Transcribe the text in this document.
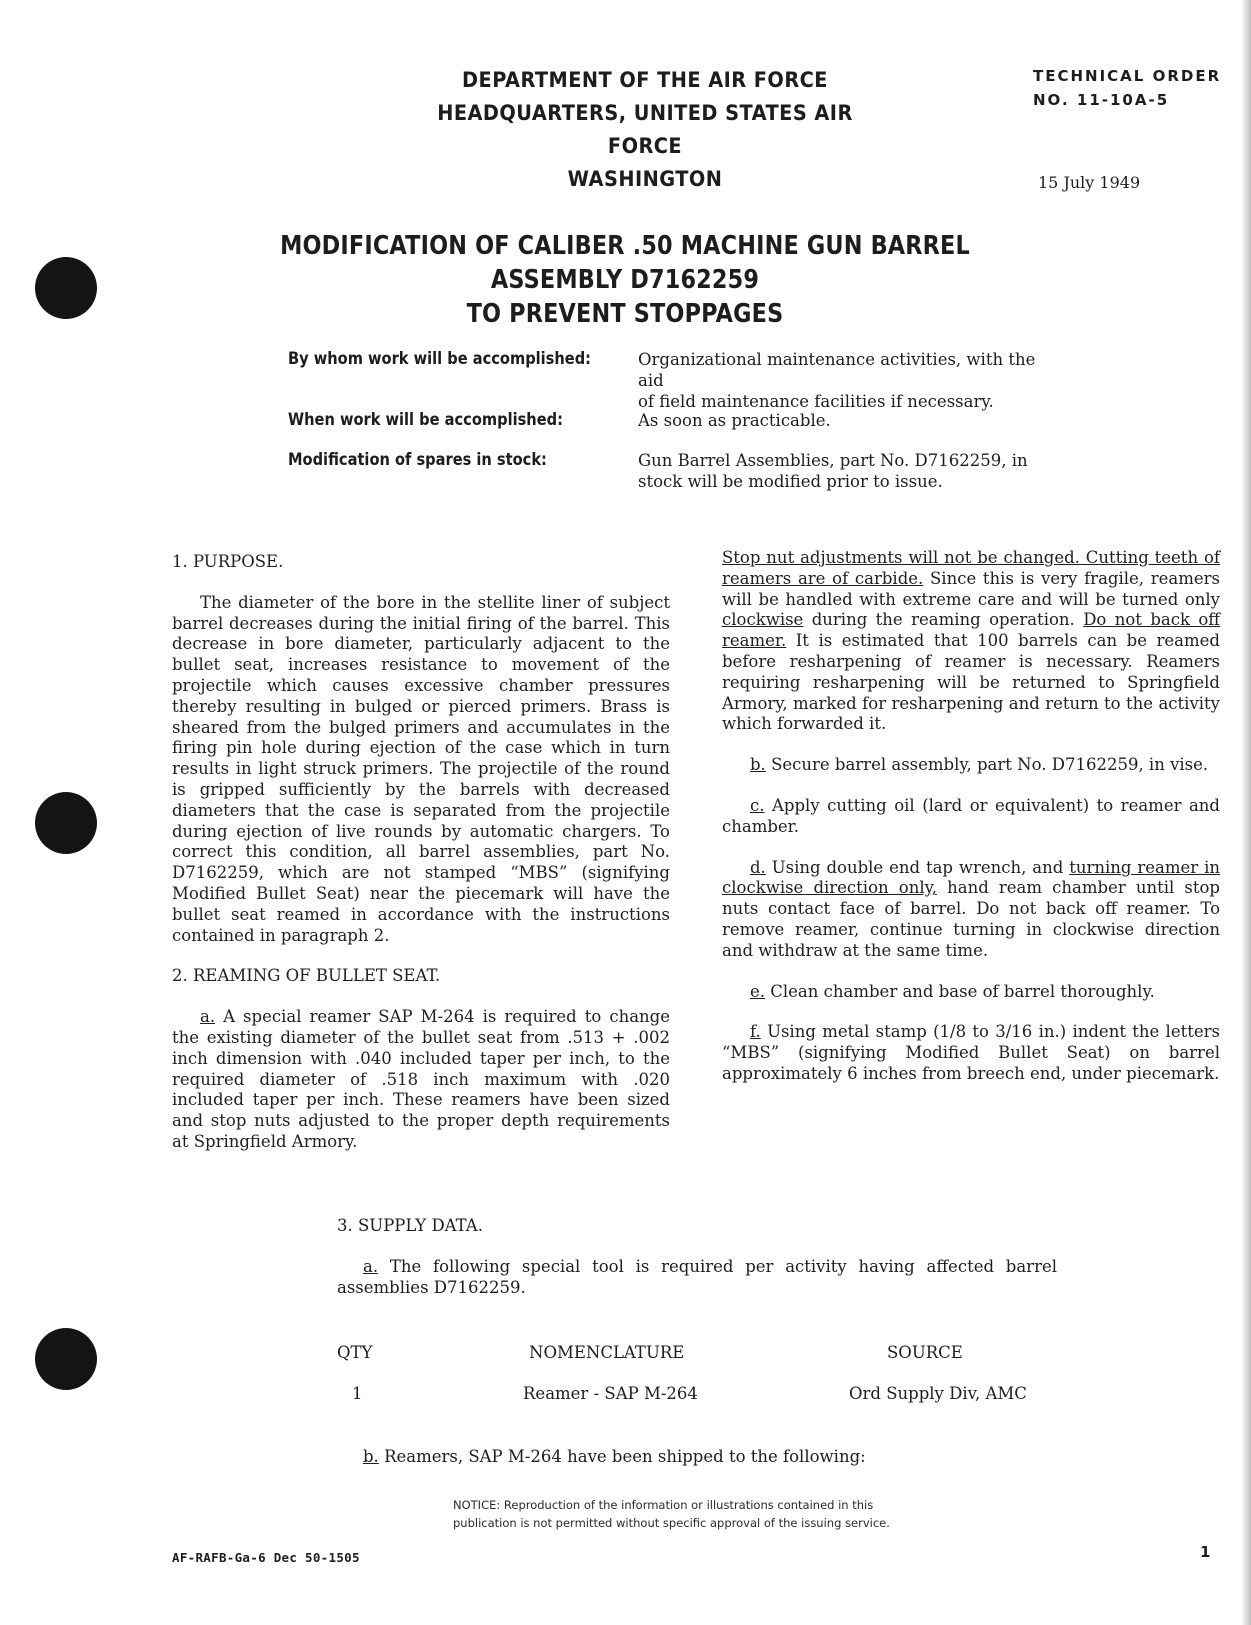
DEPARTMENT OF THE AIR FORCE
HEADQUARTERS, UNITED STATES AIR FORCE
WASHINGTON
TECHNICAL ORDER
NO. 11-10A-5
15 July 1949
MODIFICATION OF CALIBER .50 MACHINE GUN BARREL ASSEMBLY D7162259
TO PREVENT STOPPAGES
By whom work will be accomplished:	Organizational maintenance activities, with the aid
of field maintenance facilities if necessary.
When work will be accomplished:	As soon as practicable.
Modification of spares in stock:	Gun Barrel Assemblies, part No. D7162259, in
stock will be modified prior to issue.

1. PURPOSE.

The diameter of the bore in the stellite liner of subject barrel decreases during the initial firing of the barrel. This decrease in bore diameter, particularly adjacent to the bullet seat, increases resistance to movement of the projectile which causes excessive chamber pressures thereby resulting in bulged or pierced primers. Brass is sheared from the bulged primers and accumulates in the firing pin hole during ejection of the case which in turn results in light struck primers. The projectile of the round is gripped sufficiently by the barrels with decreased diameters that the case is separated from the projectile during ejection of live rounds by automatic chargers. To correct this condition, all barrel assemblies, part No. D7162259, which are not stamped “MBS” (signifying Modified Bullet Seat) near the piecemark will have the bullet seat reamed in accordance with the instructions contained in paragraph 2.

2. REAMING OF BULLET SEAT.

a. A special reamer SAP M-264 is required to change the existing diameter of the bullet seat from .513 + .002 inch dimension with .040 included taper per inch, to the required diameter of .518 inch maximum with .020 included taper per inch. These reamers have been sized and stop nuts adjusted to the proper depth requirements at Springfield Armory.

Stop nut adjustments will not be changed. Cutting teeth of reamers are of carbide. Since this is very fragile, reamers will be handled with extreme care and will be turned only clockwise during the reaming operation. Do not back off reamer. It is estimated that 100 barrels can be reamed before resharpening of reamer is necessary. Reamers requiring resharpening will be returned to Springfield Armory, marked for resharpening and return to the activity which forwarded it.

b. Secure barrel assembly, part No. D7162259, in vise.

c. Apply cutting oil (lard or equivalent) to reamer and chamber.

d. Using double end tap wrench, and turning reamer in clockwise direction only, hand ream chamber until stop nuts contact face of barrel. Do not back off reamer. To remove reamer, continue turning in clockwise direction and withdraw at the same time.

e. Clean chamber and base of barrel thoroughly.

f. Using metal stamp (1/8 to 3/16 in.) indent the letters “MBS” (signifying Modified Bullet Seat) on barrel approximately 6 inches from breech end, under piecemark.

3. SUPPLY DATA.

a. The following special tool is required per activity having affected barrel assemblies D7162259.

QTY	NOMENCLATURE	SOURCE
1	Reamer - SAP M-264	Ord Supply Div, AMC
b. Reamers, SAP M-264 have been shipped to the following:
NOTICE: Reproduction of the information or illustrations contained in this
publication is not permitted without specific approval of the issuing service.
AF-RAFB-Ga-6 Dec 50-1505	1
